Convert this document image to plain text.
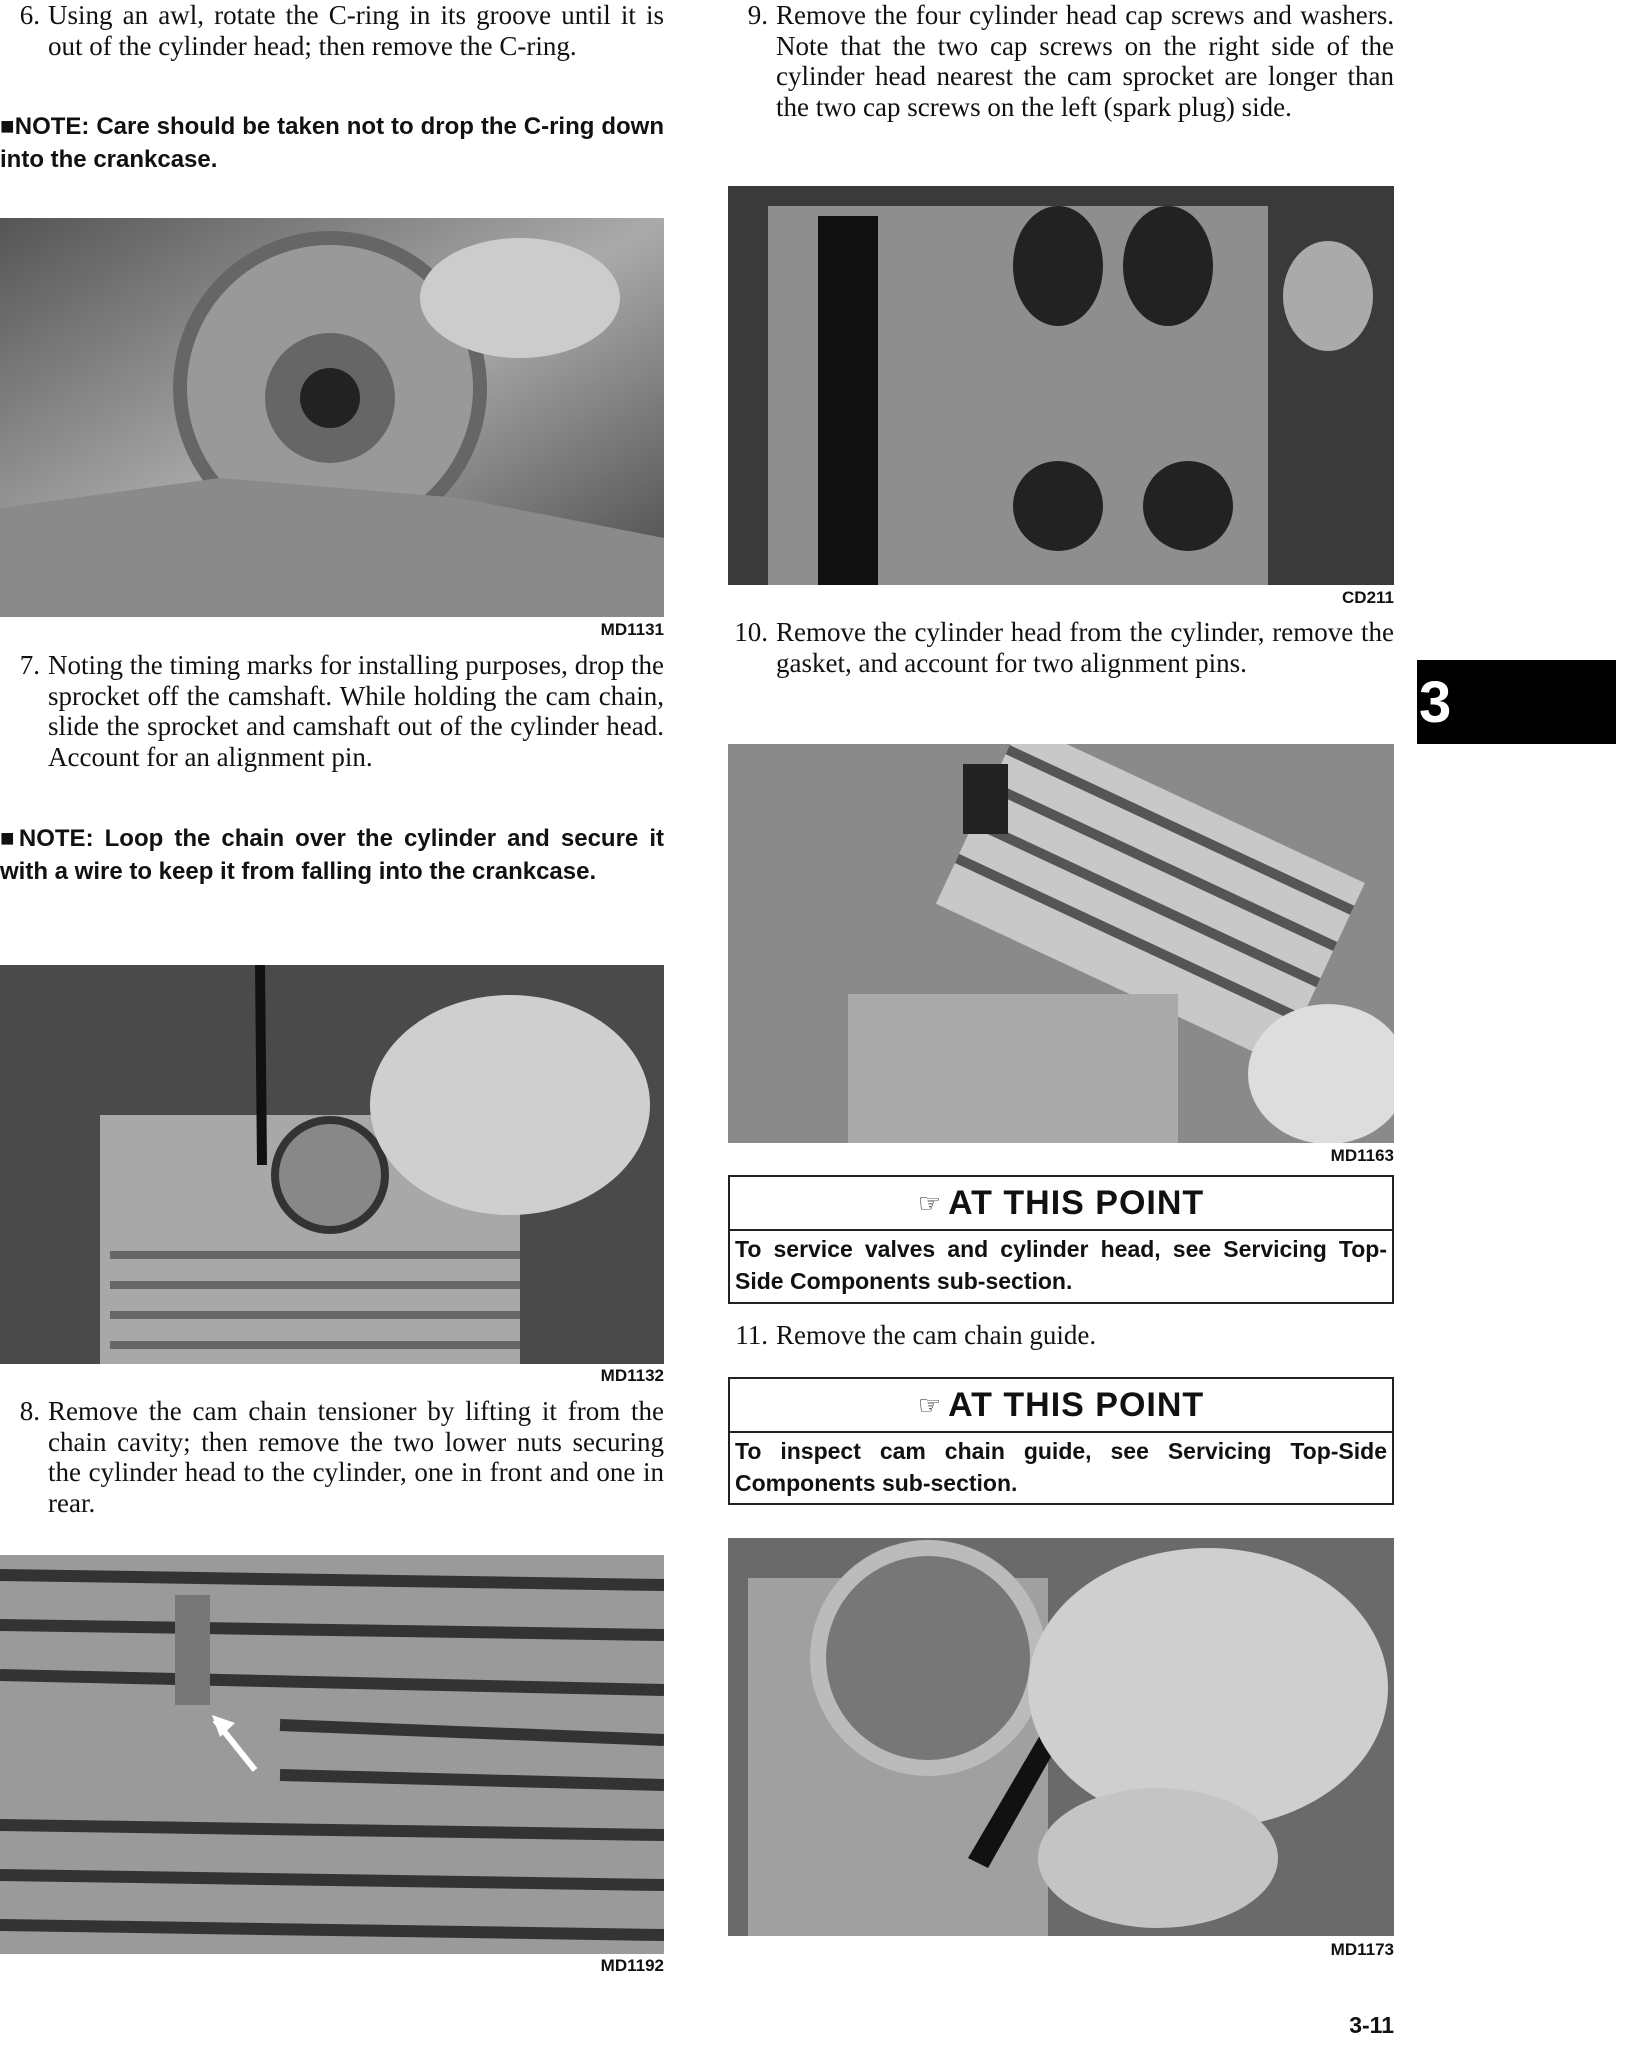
6. Using an awl, rotate the C-ring in its groove until it is out of the cylinder head; then remove the C-ring.
■NOTE: Care should be taken not to drop the C-ring down into the crankcase.
MD1131
7. Noting the timing marks for installing purposes, drop the sprocket off the camshaft. While holding the cam chain, slide the sprocket and camshaft out of the cylinder head. Account for an alignment pin.
■NOTE: Loop the chain over the cylinder and secure it with a wire to keep it from falling into the crankcase.
MD1132
8. Remove the cam chain tensioner by lifting it from the chain cavity; then remove the two lower nuts securing the cylinder head to the cylinder, one in front and one in rear.
MD1192
9. Remove the four cylinder head cap screws and washers. Note that the two cap screws on the right side of the cylinder head nearest the cam sprocket are longer than the two cap screws on the left (spark plug) side.
CD211
10. Remove the cylinder head from the cylinder, remove the gasket, and account for two alignment pins.
MD1163
☞ AT THIS POINT
To service valves and cylinder head, see Servicing Top-Side Components sub-section.
11. Remove the cam chain guide.
☞ AT THIS POINT
To inspect cam chain guide, see Servicing Top-Side Components sub-section.
MD1173
3
3-11
